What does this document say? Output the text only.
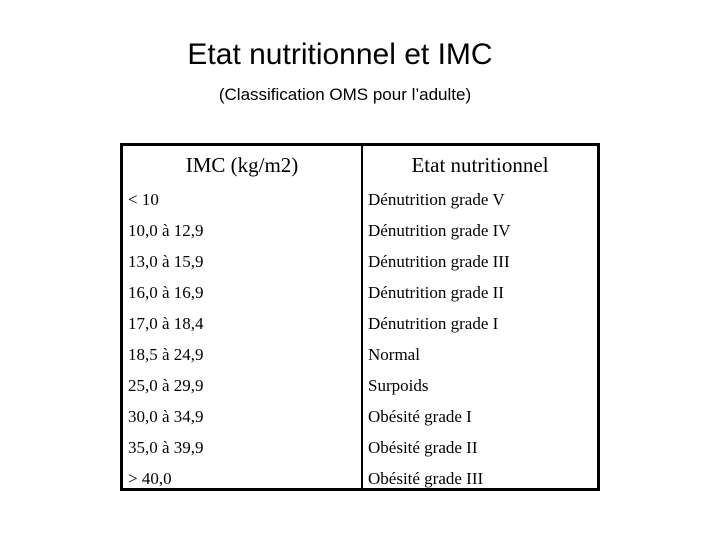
Etat nutritionnel et IMC

(Classification OMS pour l’adulte)

IMC (kg/m2)	Etat nutritionnel
< 10	Dénutrition grade V
10,0 à 12,9	Dénutrition grade IV
13,0 à 15,9	Dénutrition grade III
16,0 à 16,9	Dénutrition grade II
17,0 à 18,4	Dénutrition grade I
18,5 à 24,9	Normal
25,0 à 29,9	Surpoids
30,0 à 34,9	Obésité grade I
35,0 à 39,9	Obésité grade II
> 40,0	Obésité grade III
